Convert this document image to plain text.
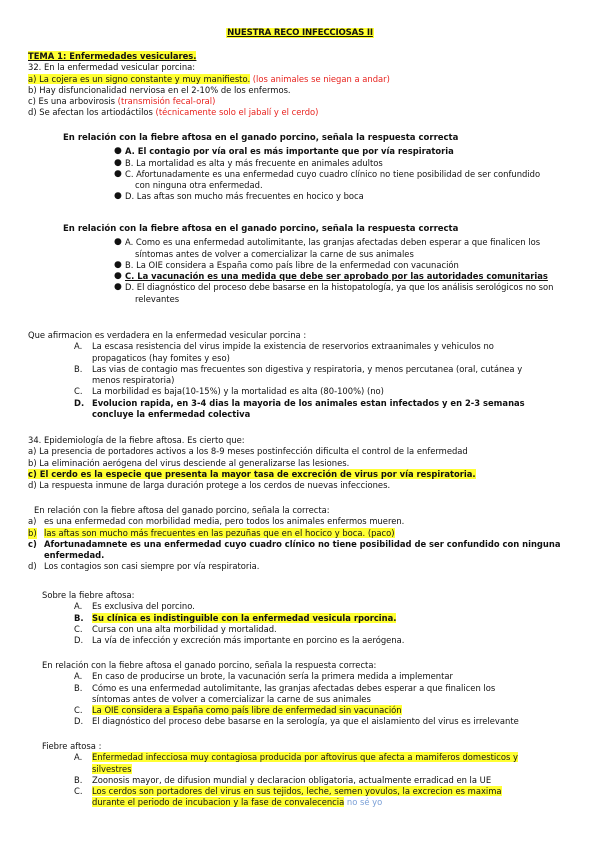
NUESTRA RECO INFECCIOSAS II
TEMA 1: Enfermedades vesiculares.
32. En la enfermedad vesicular porcina:
a) La cojera es un signo constante y muy manifiesto. (los animales se niegan a andar)
b) Hay disfuncionalidad nerviosa en el 2-10% de los enfermos.
c) Es una arbovirosis (transmisión fecal-oral)
d) Se afectan los artiodáctilos (técnicamente solo el jabalí y el cerdo)
En relación con la fiebre aftosa en el ganado porcino, señala la respuesta correcta
● A. El contagio por vía oral es más importante que por vía respiratoria
● B. La mortalidad es alta y más frecuente en animales adultos
● C. Afortunadamente es una enfermedad cuyo cuadro clínico no tiene posibilidad de ser confundido
con ninguna otra enfermedad.
● D. Las aftas son mucho más frecuentes en hocico y boca
En relación con la fiebre aftosa en el ganado porcino, señala la respuesta correcta
● A. Como es una enfermedad autolimitante, las granjas afectadas deben esperar a que finalicen los
síntomas antes de volver a comercializar la carne de sus animales
● B. La OIE considera a España como país libre de la enfermedad con vacunación
● C. La vacunación es una medida que debe ser aprobado por las autoridades comunitarias
● D. El diagnóstico del proceso debe basarse en la histopatología, ya que los análisis serológicos no son
relevantes
Que afirmacion es verdadera en la enfermedad vesicular porcina :
A. La escasa resistencia del virus impide la existencia de reservorios extraanimales y vehiculos no
propagaticos (hay fomites y eso)
B. Las vias de contagio mas frecuentes son digestiva y respiratoria, y menos percutanea (oral, cutánea y
menos respiratoria)
C. La morbilidad es baja(10-15%) y la mortalidad es alta (80-100%) (no)
D. Evolucion rapida, en 3-4 dias la mayoria de los animales estan infectados y en 2-3 semanas
concluye la enfermedad colectiva
34. Epidemiología de la fiebre aftosa. Es cierto que:
a) La presencia de portadores activos a los 8-9 meses postinfección dificulta el control de la enfermedad
b) La eliminación aerógena del virus desciende al generalizarse las lesiones.
c) El cerdo es la especie que presenta la mayor tasa de excreción de virus por vía respiratoria.
d) La respuesta inmune de larga duración protege a los cerdos de nuevas infecciones.
En relación con la fiebre aftosa del ganado porcino, señala la correcta:
a) es una enfermedad con morbilidad media, pero todos los animales enfermos mueren.
b) las aftas son mucho más frecuentes en las pezuñas que en el hocico y boca. (paco)
c) Afortunadamnete es una enfermedad cuyo cuadro clínico no tiene posibilidad de ser confundido con ninguna
enfermedad.
d) Los contagios son casi siempre por vía respiratoria.
Sobre la fiebre aftosa:
A. Es exclusiva del porcino.
B. Su clínica es indistinguible con la enfermedad vesicula rporcina.
C. Cursa con una alta morbilidad y mortalidad.
D. La vía de infección y excreción más importante en porcino es la aerógena.
En relación con la fiebre aftosa el ganado porcino, señala la respuesta correcta:
A. En caso de producirse un brote, la vacunación sería la primera medida a implementar
B. Cómo es una enfermedad autolimitante, las granjas afectadas debes esperar a que finalicen los
síntomas antes de volver a comercializar la carne de sus animales
C. La OIE considera a España como país libre de enfermedad sin vacunación
D. El diagnóstico del proceso debe basarse en la serología, ya que el aislamiento del virus es irrelevante
Fiebre aftosa :
A. Enfermedad infecciosa muy contagiosa producida por aftovirus que afecta a mamiferos domesticos y
silvestres
B. Zoonosis mayor, de difusion mundial y declaracion obligatoria, actualmente erradicad en la UE
C. Los cerdos son portadores del virus en sus tejidos, leche, semen yovulos, la excrecion es maxima
durante el periodo de incubacion y la fase de convalecencia no sé yo
